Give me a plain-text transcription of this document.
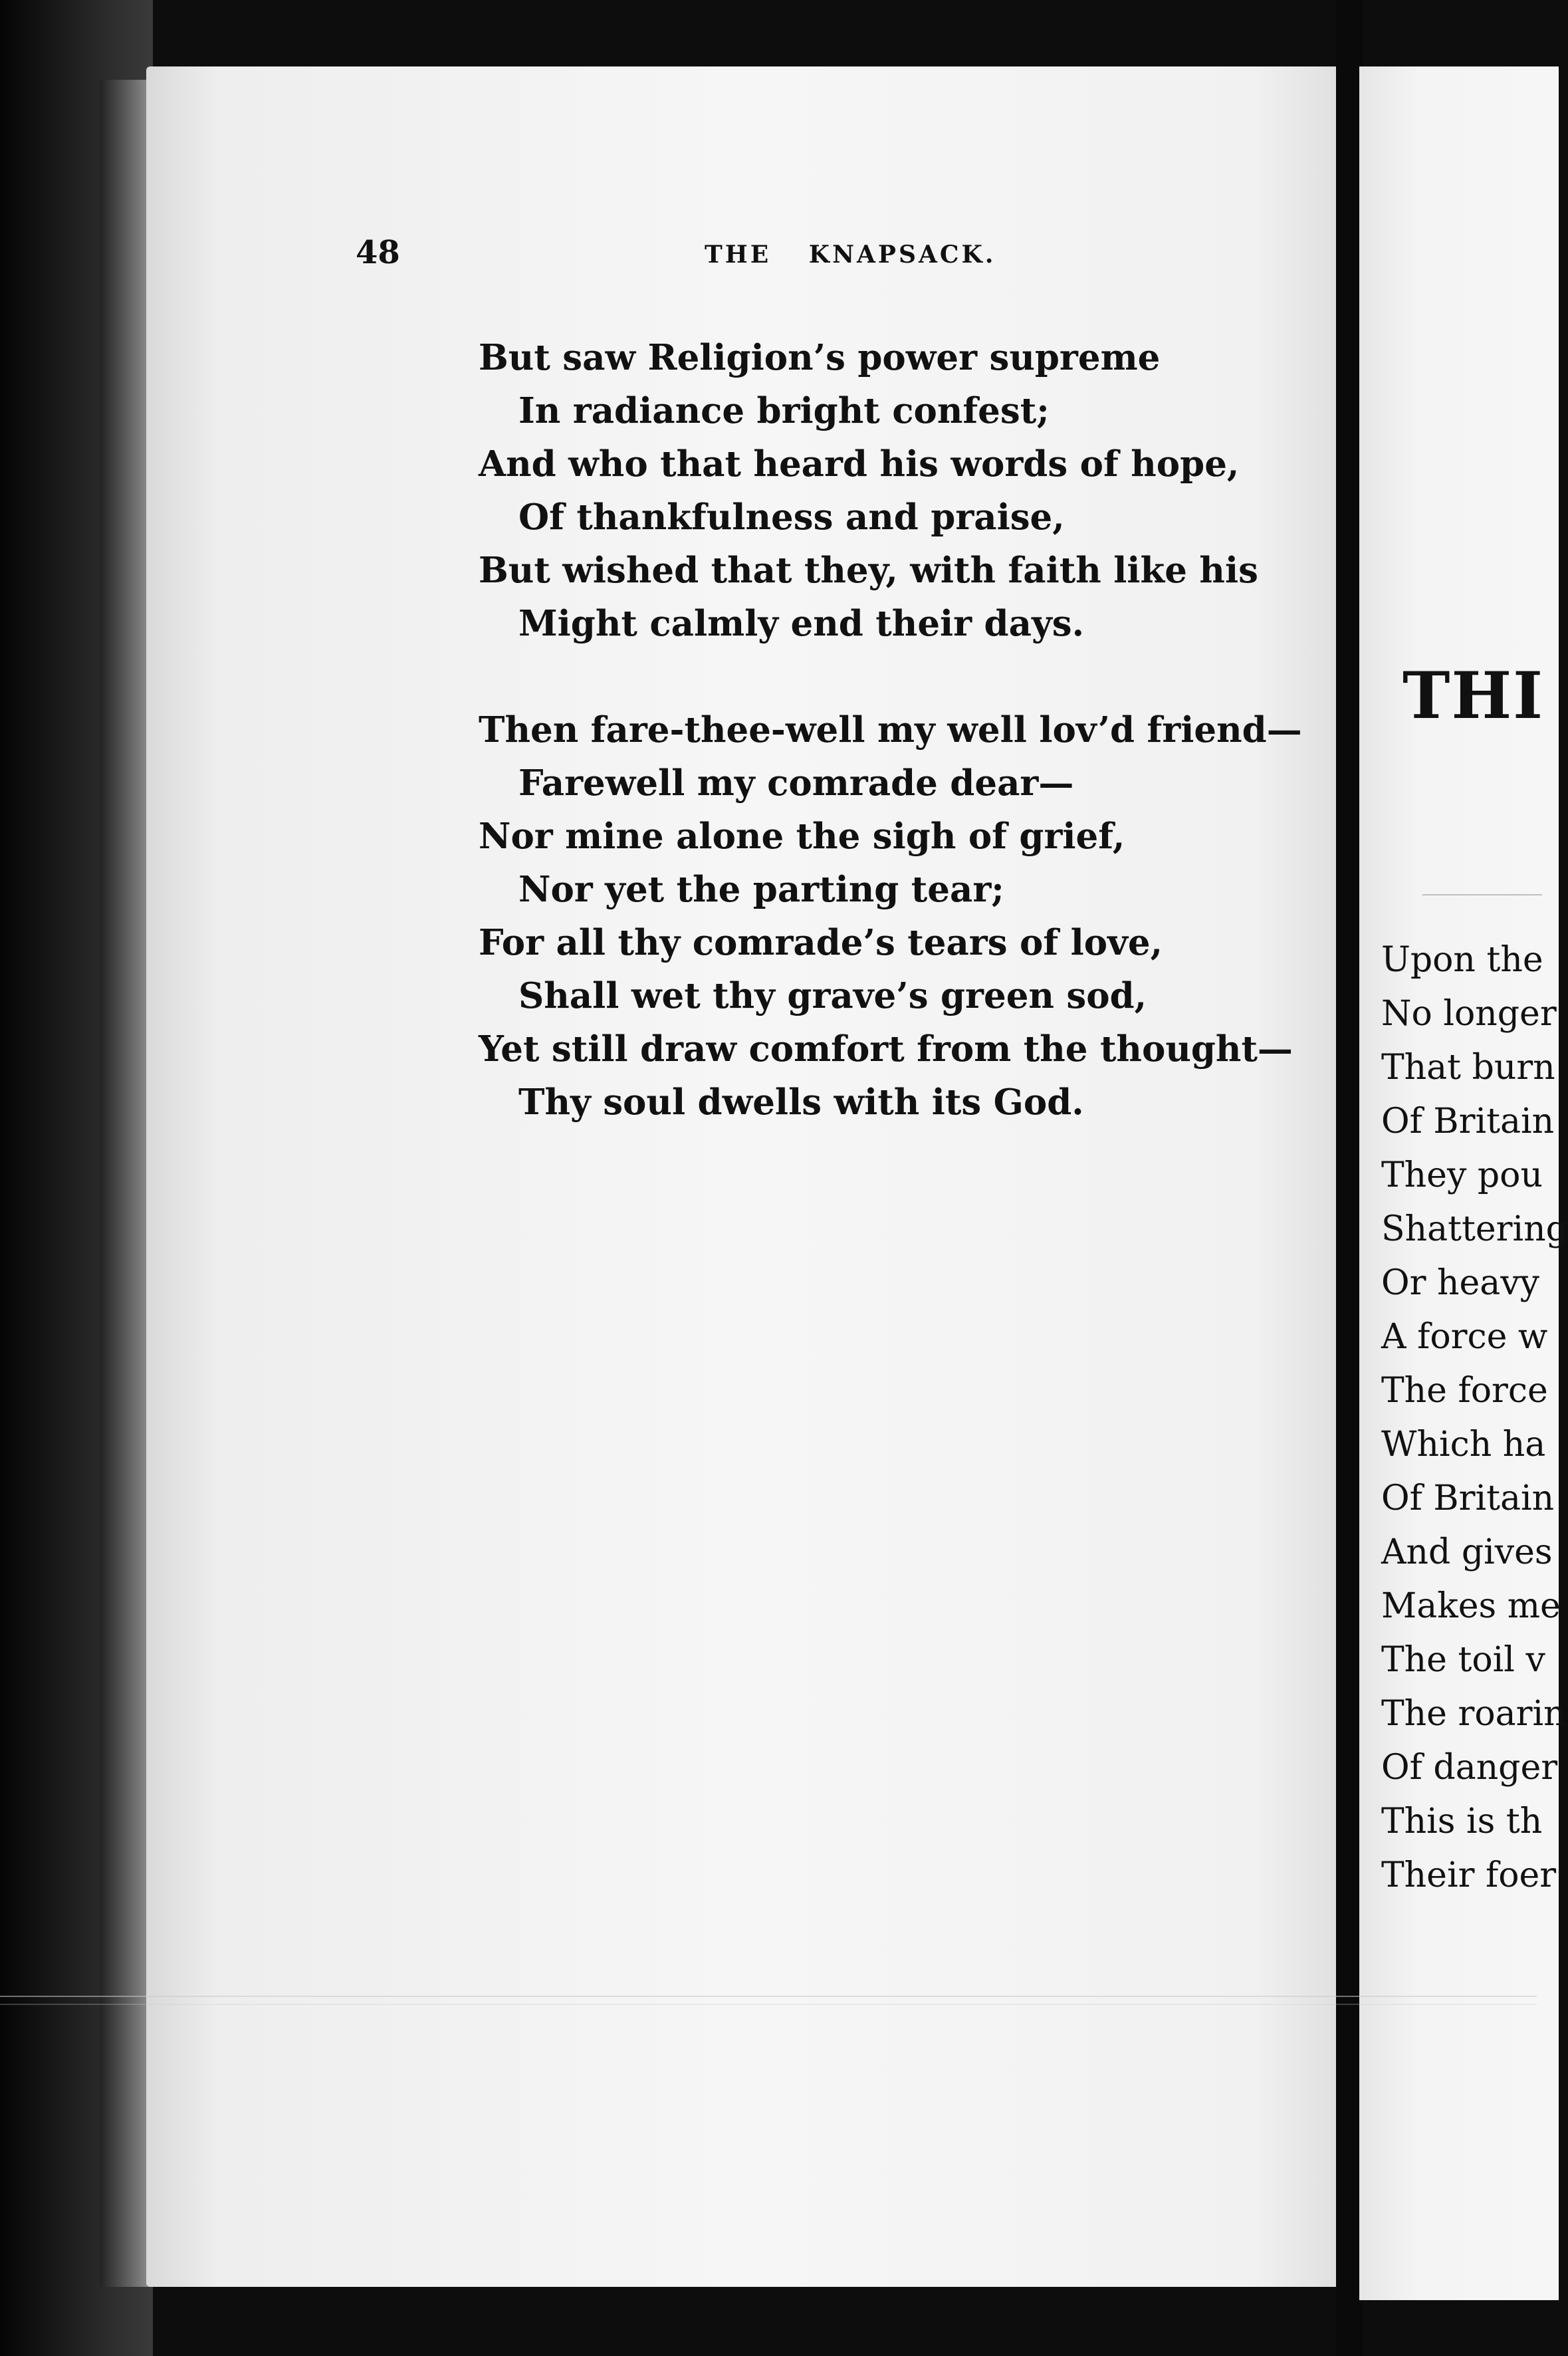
48	THE KNAPSACK.
But saw Religion’s power supreme
In radiance bright confest;
And who that heard his words of hope,
Of thankfulness and praise,
But wished that they, with faith like his
Might calmly end their days.
Then fare-thee-well my well lov’d friend—
Farewell my comrade dear—
Nor mine alone the sigh of grief,
Nor yet the parting tear;
For all thy comrade’s tears of love,
Shall wet thy grave’s green sod,
Yet still draw comfort from the thought—
Thy soul dwells with its God.
THI
Upon the
No longer
That burn
Of Britain
They pou
Shattering
Or heavy
A force w
The force
Which ha
Of Britain
And gives
Makes me
The toil v
The roarin
Of danger
This is th
Their foer
